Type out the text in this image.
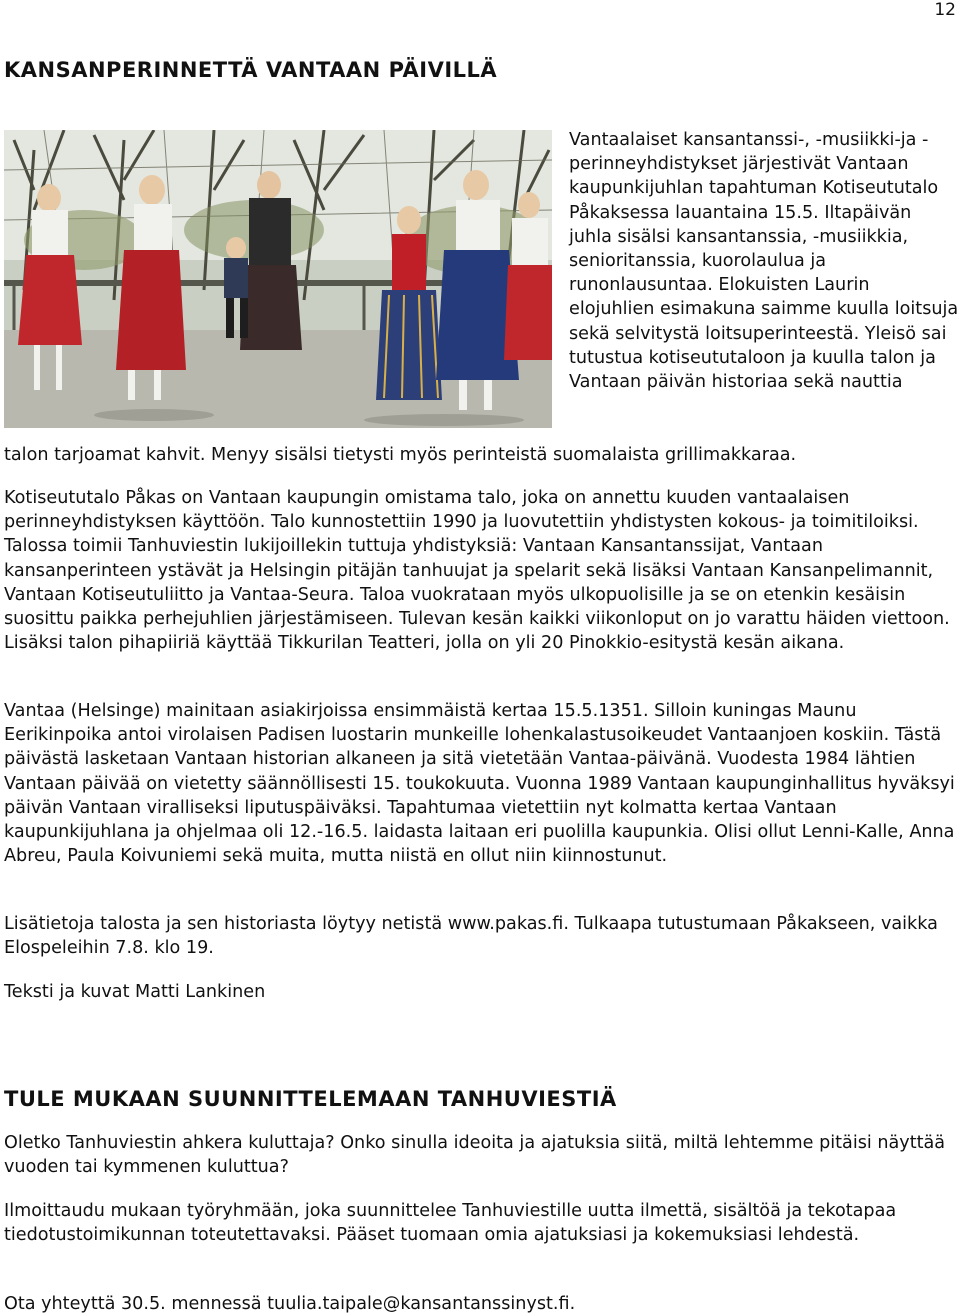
12
KANSANPERINNETTÄ VANTAAN PÄIVILLÄ

Vantaalaiset kansantanssi-, -musiikki-ja -perinneyhdistykset järjestivät Vantaan kaupunkijuhlan tapahtuman Kotiseututalo Påkaksessa lauantaina 15.5. Iltapäivän juhla sisälsi kansantanssia, -musiikkia, senioritanssia, kuorolaulua ja runonlausuntaa. Elokuisten Laurin elojuhlien esimakuna saimme kuulla loitsuja sekä selvitystä loitsuperinteestä. Yleisö sai tutustua kotiseututaloon ja kuulla talon ja Vantaan päivän historiaa sekä nauttia

talon tarjoamat kahvit. Menyy sisälsi tietysti myös perinteistä suomalaista grillimakkaraa.

Kotiseututalo Påkas on Vantaan kaupungin omistama talo, joka on annettu kuuden vantaalaisen perinneyhdistyksen käyttöön. Talo kunnostettiin 1990 ja luovutettiin yhdistysten kokous- ja toimitiloiksi. Talossa toimii Tanhuviestin lukijoillekin tuttuja yhdistyksiä: Vantaan Kansantanssijat, Vantaan kansanperinteen ystävät ja Helsingin pitäjän tanhuujat ja spelarit sekä lisäksi Vantaan Kansanpelimannit, Vantaan Kotiseutuliitto ja Vantaa-Seura. Taloa vuokrataan myös ulkopuolisille ja se on etenkin kesäisin suosittu paikka perhejuhlien järjestämiseen. Tulevan kesän kaikki viikonloput on jo varattu häiden viettoon. Lisäksi talon pihapiiriä käyttää Tikkurilan Teatteri, jolla on yli 20 Pinokkio-esitystä kesän aikana.

Vantaa (Helsinge) mainitaan asiakirjoissa ensimmäistä kertaa 15.5.1351. Silloin kuningas Maunu Eerikinpoika antoi virolaisen Padisen luostarin munkeille lohenkalastusoikeudet Vantaanjoen koskiin. Tästä päivästä lasketaan Vantaan historian alkaneen ja sitä vietetään Vantaa-päivänä. Vuodesta 1984 lähtien Vantaan päivää on vietetty säännöllisesti 15. toukokuuta. Vuonna 1989 Vantaan kaupunginhallitus hyväksyi päivän Vantaan viralliseksi liputuspäiväksi. Tapahtumaa vietettiin nyt kolmatta kertaa Vantaan kaupunkijuhlana ja ohjelmaa oli 12.-16.5. laidasta laitaan eri puolilla kaupunkia. Olisi ollut Lenni-Kalle, Anna Abreu, Paula Koivuniemi sekä muita, mutta niistä en ollut niin kiinnostunut.

Lisätietoja talosta ja sen historiasta löytyy netistä www.pakas.fi. Tulkaapa tutustumaan Påkakseen, vaikka Elospeleihin 7.8. klo 19.

Teksti ja kuvat Matti Lankinen

TULE MUKAAN SUUNNITTELEMAAN TANHUVIESTIÄ

Oletko Tanhuviestin ahkera kuluttaja? Onko sinulla ideoita ja ajatuksia siitä, miltä lehtemme pitäisi näyttää vuoden tai kymmenen kuluttua?

Ilmoittaudu mukaan työryhmään, joka suunnittelee Tanhuviestille uutta ilmettä, sisältöä ja tekotapaa tiedotustoimikunnan toteutettavaksi. Pääset tuomaan omia ajatuksiasi ja kokemuksiasi lehdestä.

Ota yhteyttä 30.5. mennessä tuulia.taipale@kansantanssinyst.fi.
